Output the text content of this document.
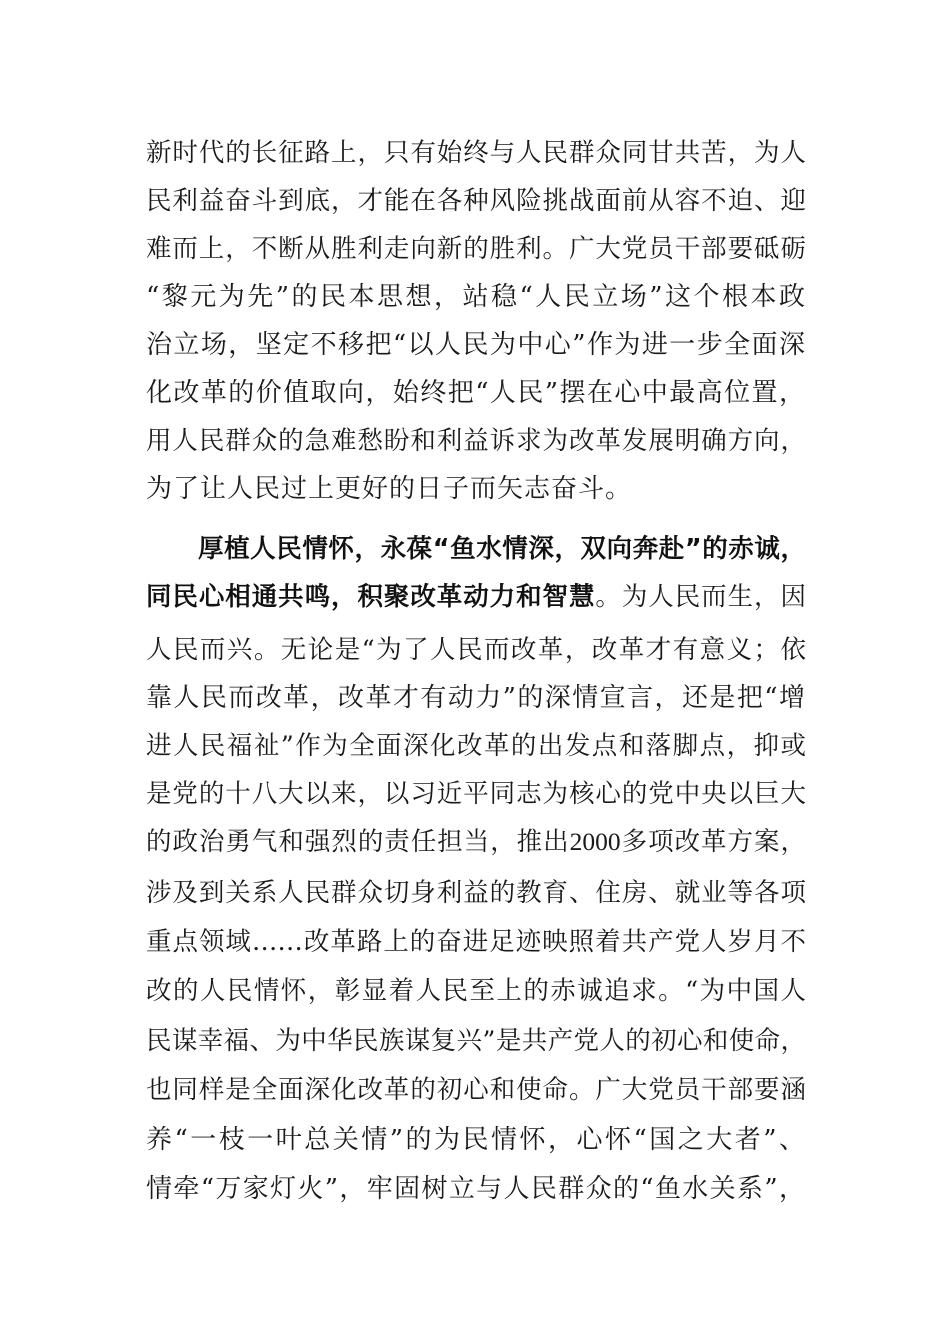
新时代的长征路上，只有始终与人民群众同甘共苦，为人
民利益奋斗到底，才能在各种风险挑战面前从容不迫、迎
难而上，不断从胜利走向新的胜利。广大党员干部要砥砺
“黎元为先”的民本思想，站稳“人民立场”这个根本政
治立场，坚定不移把“以人民为中心”作为进一步全面深
化改革的价值取向，始终把“人民”摆在心中最高位置，
用人民群众的急难愁盼和利益诉求为改革发展明确方向，
为了让人民过上更好的日子而矢志奋斗。
厚植人民情怀，永葆“鱼水情深，双向奔赴”的赤诚，
同民心相通共鸣，积聚改革动力和智慧。为人民而生，因
人民而兴。无论是“为了人民而改革，改革才有意义；依
靠人民而改革，改革才有动力”的深情宣言，还是把“增
进人民福祉”作为全面深化改革的出发点和落脚点，抑或
是党的十八大以来，以习近平同志为核心的党中央以巨大
的政治勇气和强烈的责任担当，推出2000多项改革方案，
涉及到关系人民群众切身利益的教育、住房、就业等各项
重点领域……改革路上的奋进足迹映照着共产党人岁月不
改的人民情怀，彰显着人民至上的赤诚追求。“为中国人
民谋幸福、为中华民族谋复兴”是共产党人的初心和使命，
也同样是全面深化改革的初心和使命。广大党员干部要涵
养“一枝一叶总关情”的为民情怀，心怀“国之大者”、
情牵“万家灯火”，牢固树立与人民群众的“鱼水关系”，
